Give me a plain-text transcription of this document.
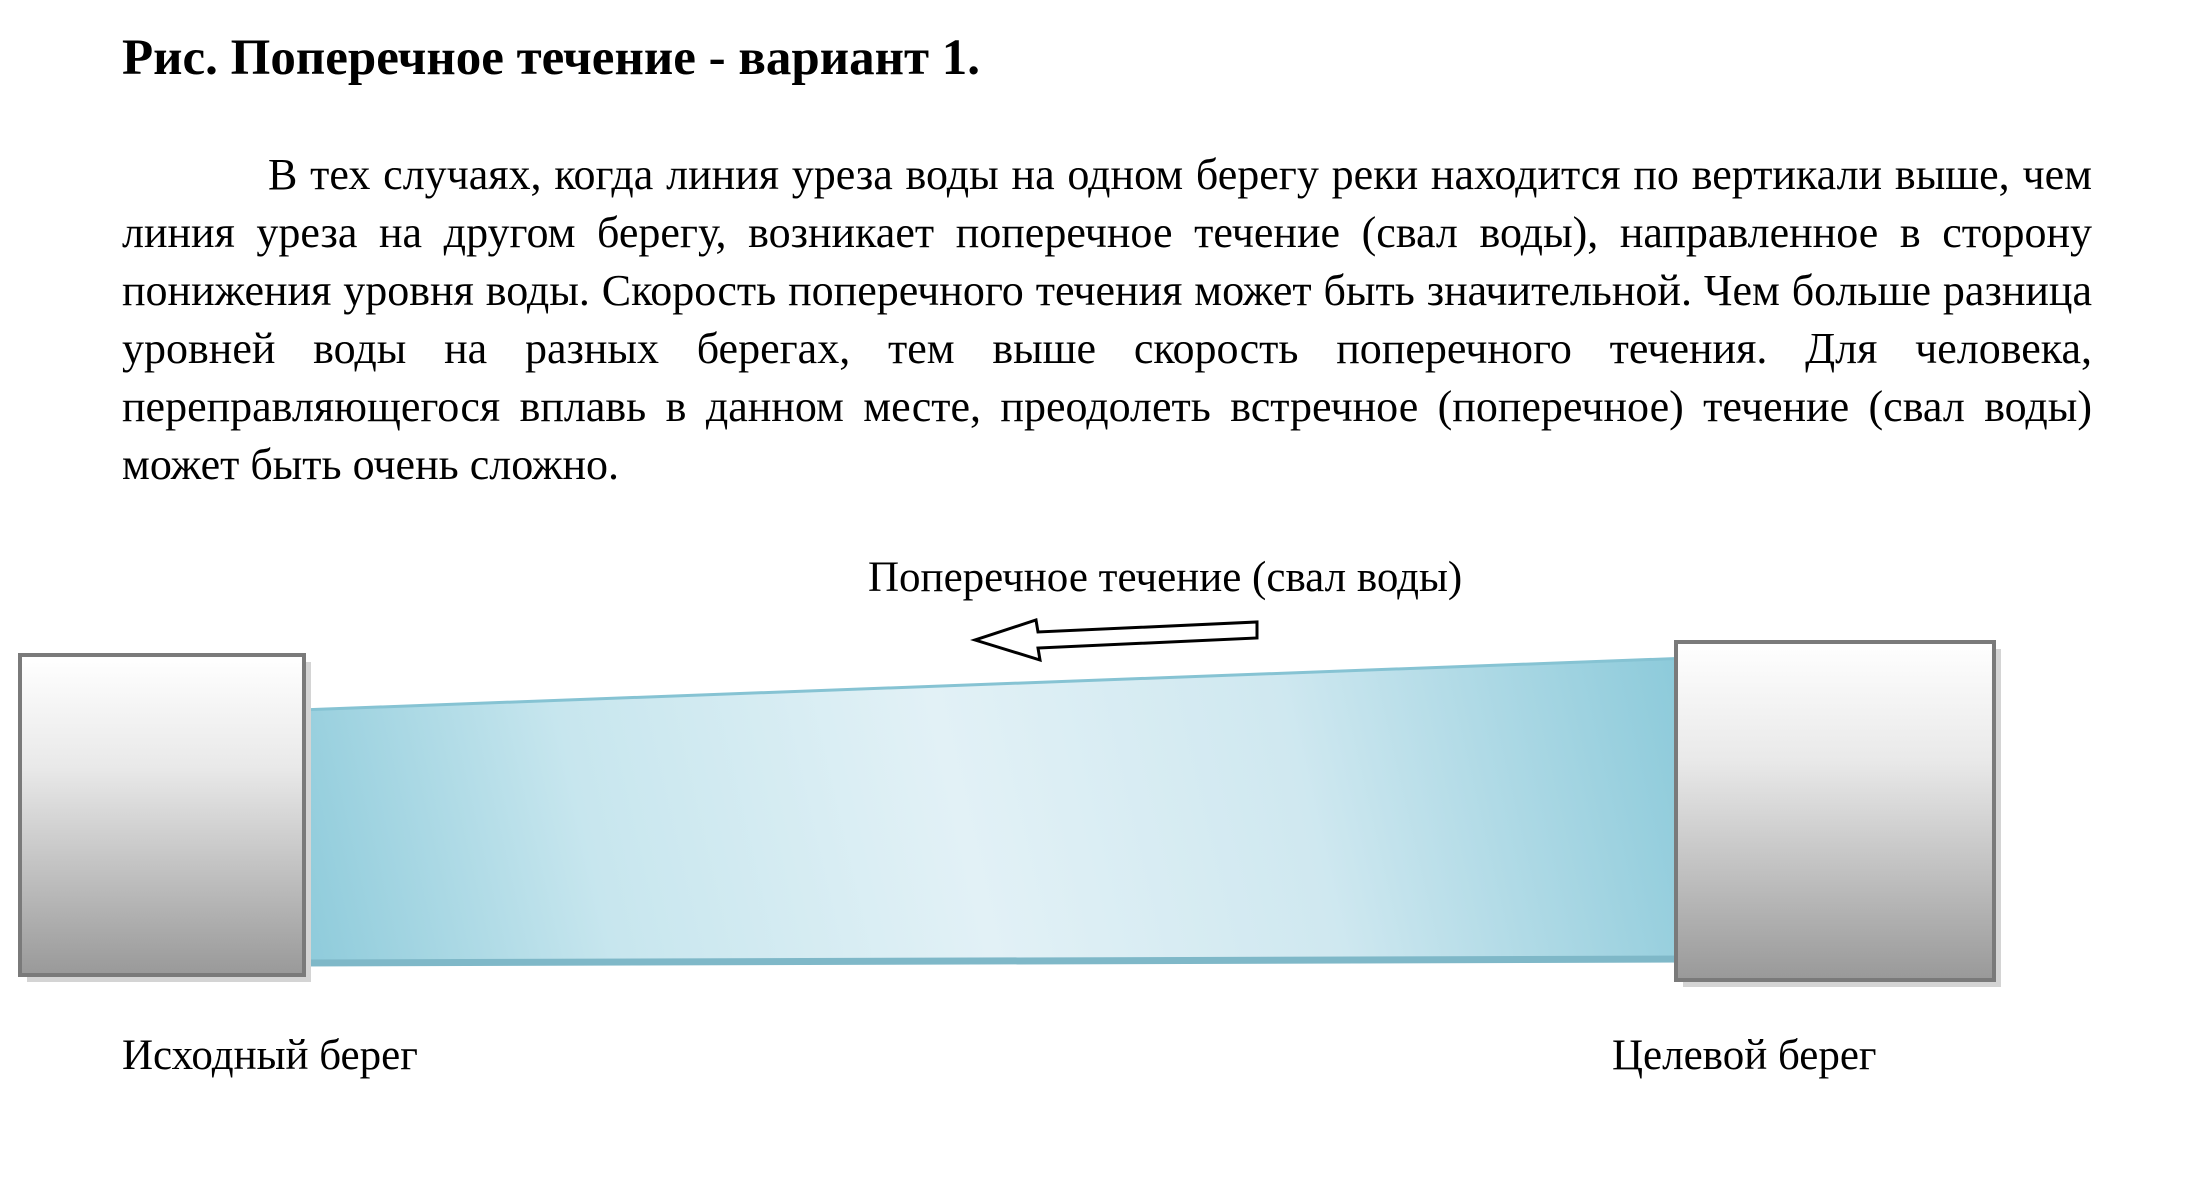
Рис. Поперечное течение - вариант 1.

В тех случаях, когда линия уреза воды на одном берегу реки находится по вертикали выше, чем линия уреза на другом берегу, возникает поперечное течение (свал воды), направленное в сторону понижения уровня воды. Скорость поперечного течения может быть значительной. Чем больше разница уровней воды на разных берегах, тем выше скорость поперечного течения. Для человека, переправляющегося вплавь в данном месте, преодолеть встречное (поперечное) течение (свал воды) может быть очень сложно.

Поперечное течение (свал воды)
Исходный берег	Целевой берег
